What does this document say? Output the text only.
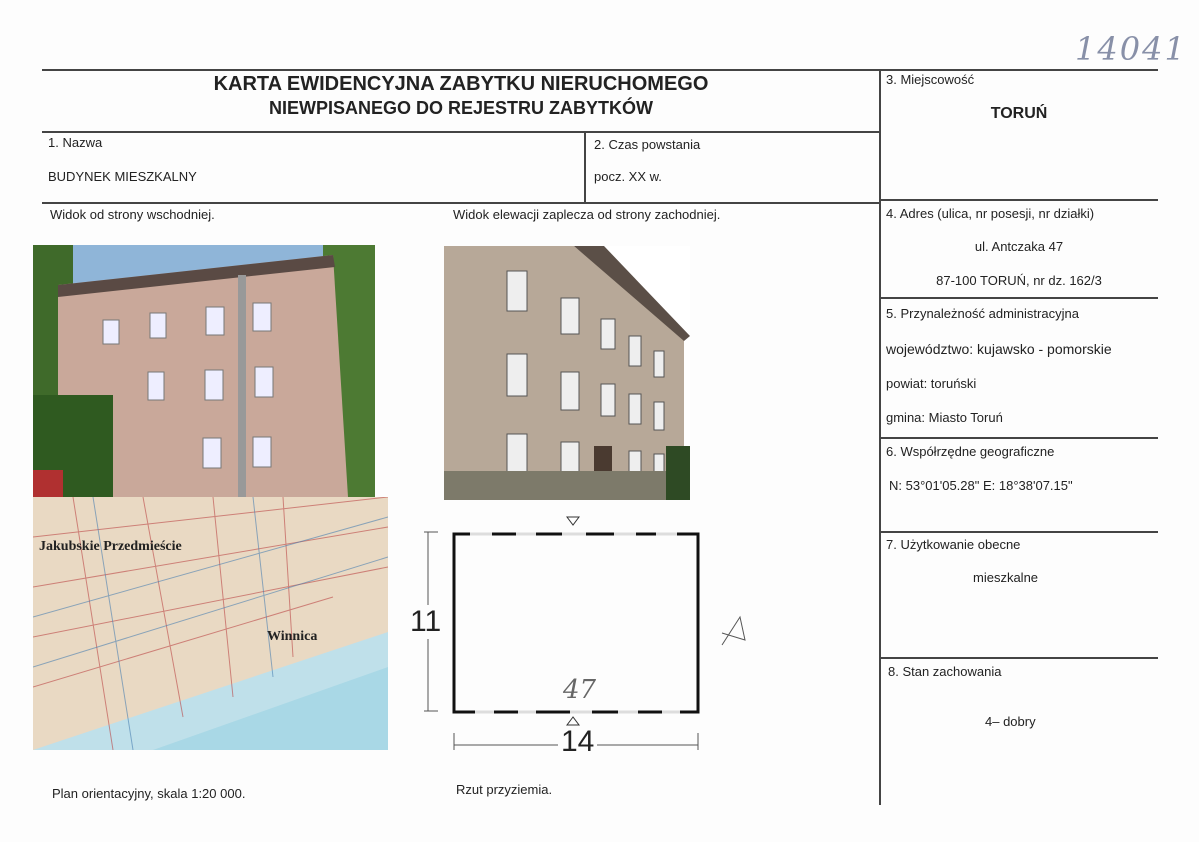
14041
KARTA EWIDENCYJNA ZABYTKU NIERUCHOMEGO
NIEWPISANEGO DO REJESTRU ZABYTKÓW
1. Nazwa
BUDYNEK MIESZKALNY
2. Czas powstania
pocz. XX w.
3. Miejscowość
TORUŃ
4. Adres (ulica, nr posesji, nr działki)
ul. Antczaka 47
87-100 TORUŃ, nr dz. 162/3
5. Przynależność administracyjna
województwo: kujawsko - pomorskie
powiat: toruński
gmina: Miasto Toruń
6. Współrzędne geograficzne
N: 53°01'05.28" E: 18°38'07.15"
7. Użytkowanie obecne
mieszkalne
8. Stan zachowania
4– dobry
Widok od strony wschodniej.	Widok elewacji zaplecza od strony zachodniej.
Jakubskie Przedmieście
Winnica	11
14
47
Plan orientacyjny, skala 1:20 000.	Rzut przyziemia.
